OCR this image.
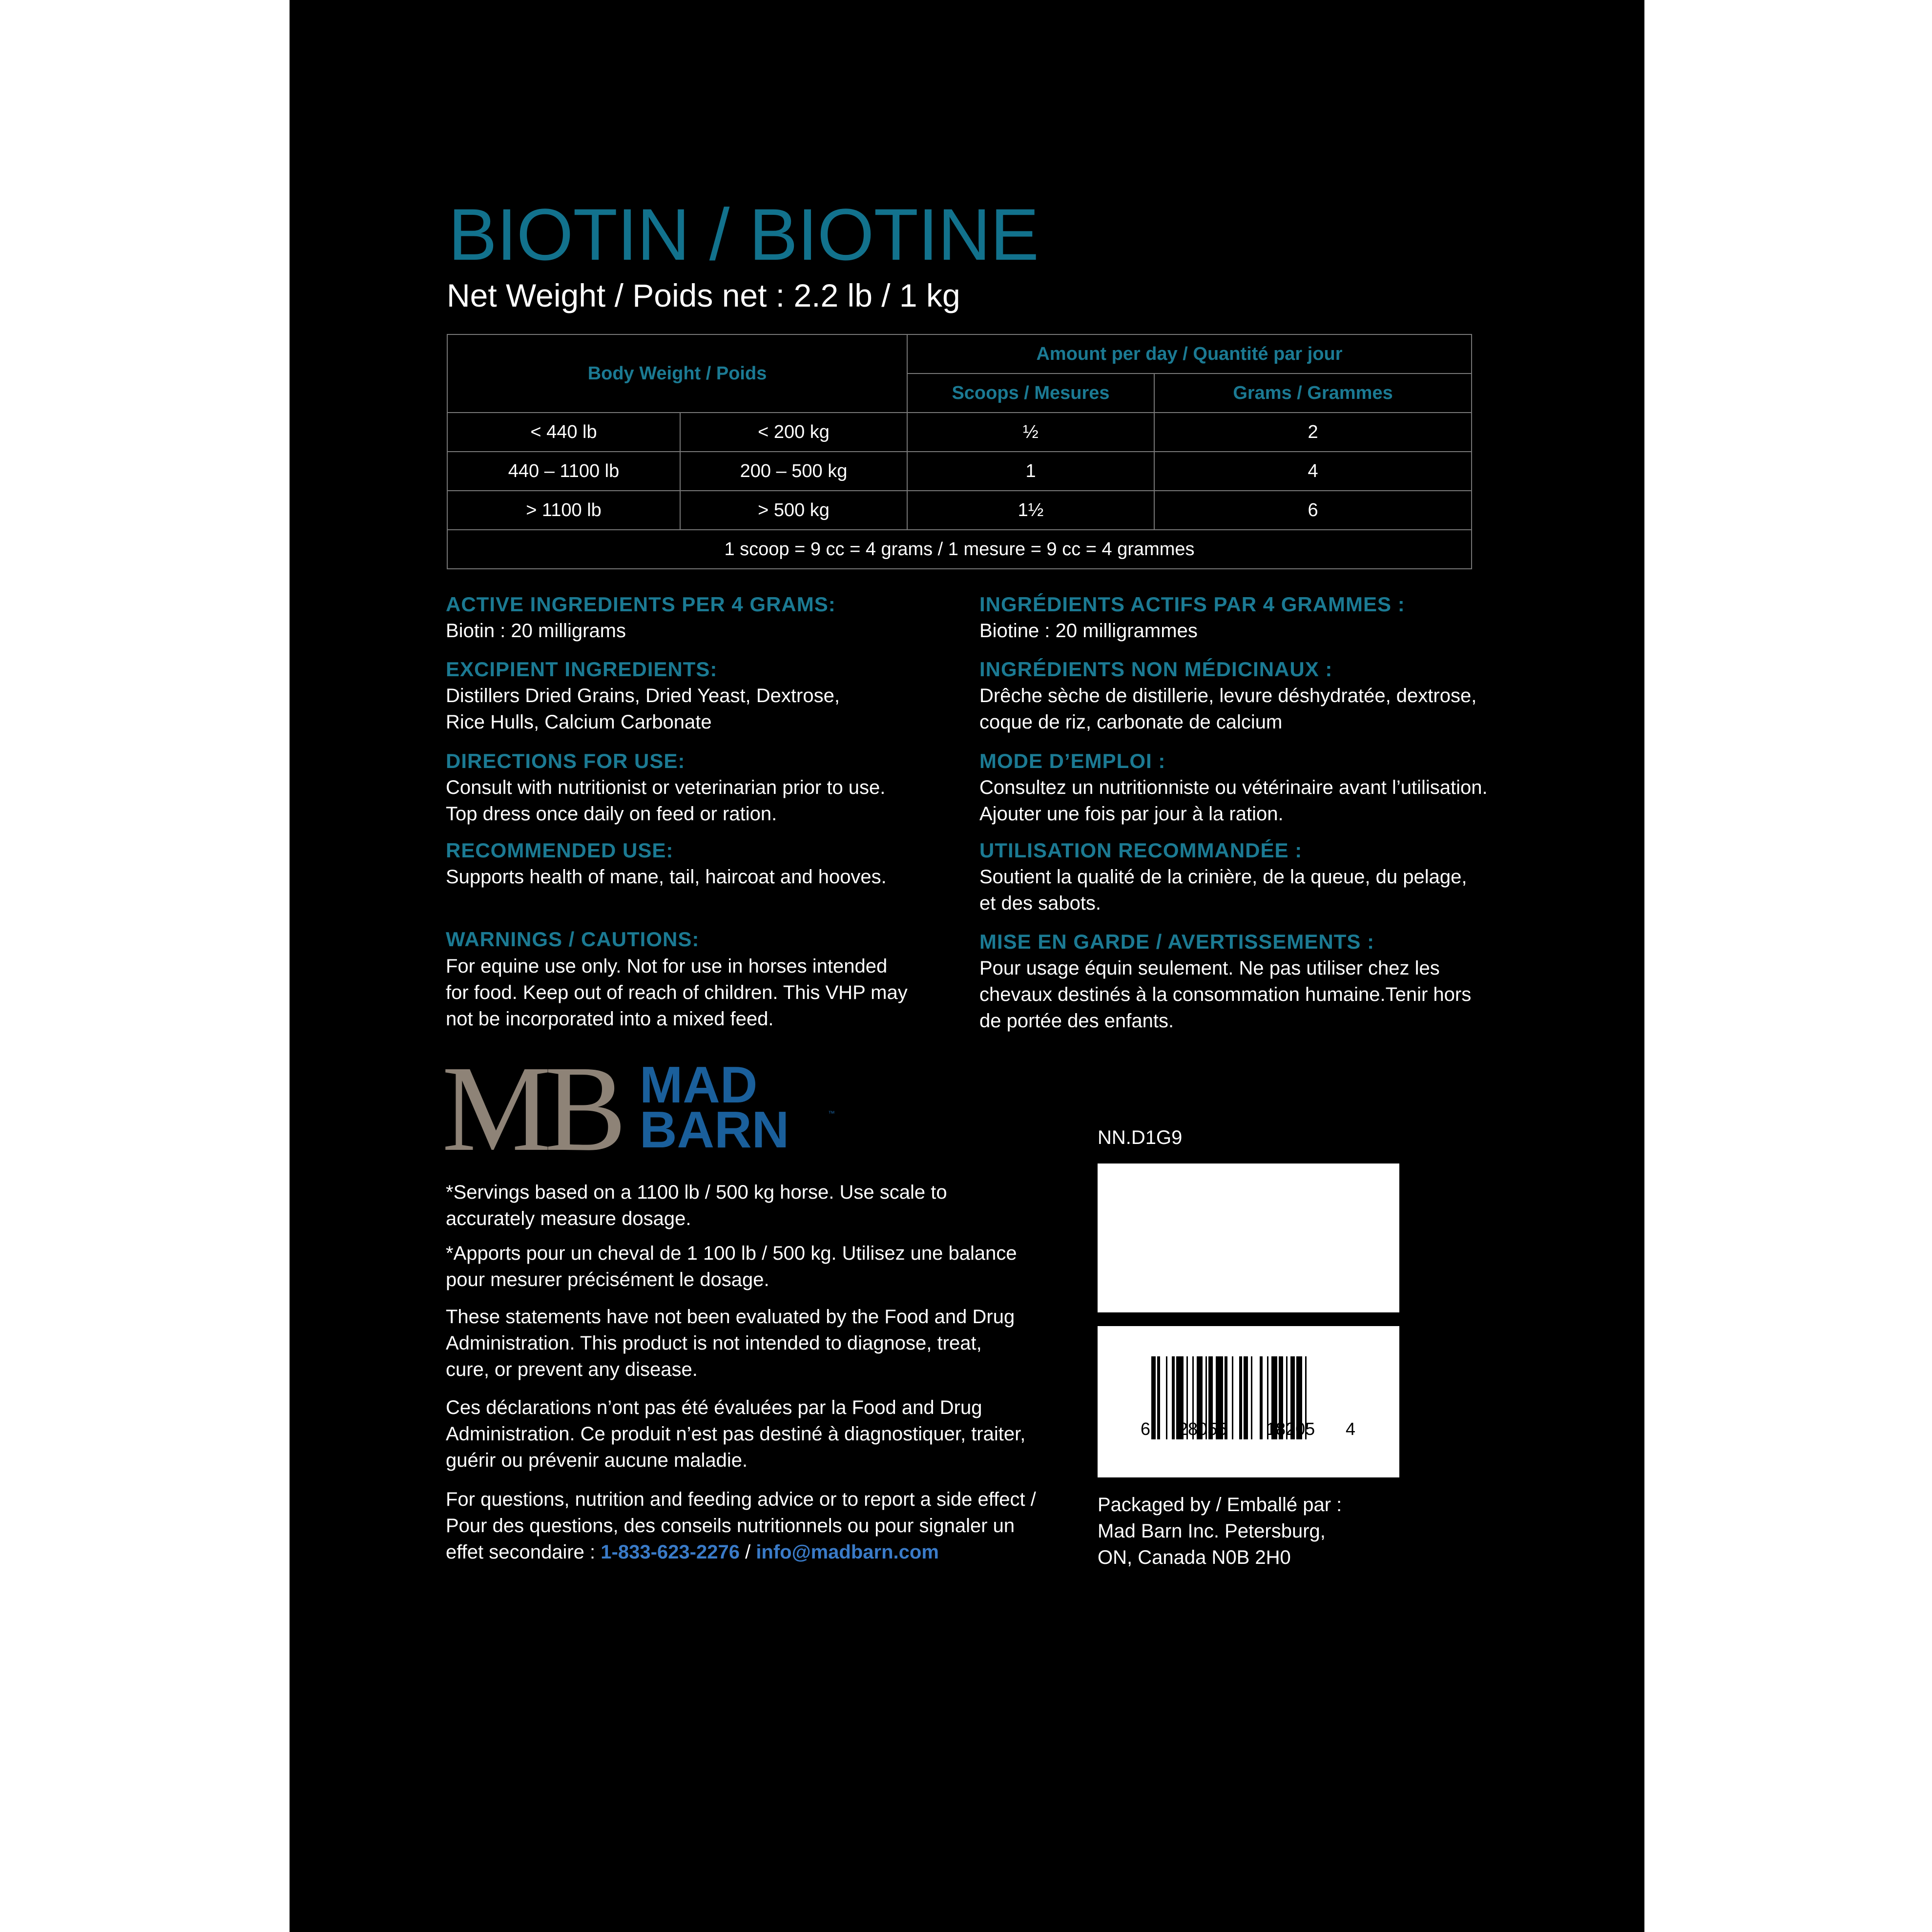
BIOTIN / BIOTINE
Net Weight / Poids net : 2.2 lb / 1 kg
Body Weight / Poids		Amount per day / Quantité par jour	
		Scoops / Mesures	Grams / Grammes
< 440 lb	< 200 kg	½	2
440 – 1100 lb	200 – 500 kg	1	4
> 1100 lb	> 500 kg	1½	6
1 scoop = 9 cc = 4 grams / 1 mesure = 9 cc = 4 grammes			
ACTIVE INGREDIENTS PER 4 GRAMS:
Biotin : 20 milligrams
EXCIPIENT INGREDIENTS:
Distillers Dried Grains, Dried Yeast, Dextrose,
Rice Hulls, Calcium Carbonate
DIRECTIONS FOR USE:
Consult with nutritionist or veterinarian prior to use.
Top dress once daily on feed or ration.
RECOMMENDED USE:
Supports health of mane, tail, haircoat and hooves.
WARNINGS / CAUTIONS:
For equine use only. Not for use in horses intended
for food. Keep out of reach of children. This VHP may
not be incorporated into a mixed feed.
INGRÉDIENTS ACTIFS PAR 4 GRAMMES :
Biotine : 20 milligrammes
INGRÉDIENTS NON MÉDICINAUX :
Drêche sèche de distillerie, levure déshydratée, dextrose,
coque de riz, carbonate de calcium
MODE D’EMPLOI :
Consultez un nutritionniste ou vétérinaire avant l’utilisation.
Ajouter une fois par jour à la ration.
UTILISATION RECOMMANDÉE :
Soutient la qualité de la crinière, de la queue, du pelage,
et des sabots.
MISE EN GARDE / AVERTISSEMENTS :
Pour usage équin seulement. Ne pas utiliser chez les
chevaux destinés à la consommation humaine.Tenir hors
de portée des enfants.
MB MAD
BARN	™
*Servings based on a 1100 lb / 500 kg horse. Use scale to
accurately measure dosage.
*Apports pour un cheval de 1 100 lb / 500 kg. Utilisez une balance
pour mesurer précisément le dosage.
These statements have not been evaluated by the Food and Drug
Administration. This product is not intended to diagnose, treat,
cure, or prevent any disease.
Ces déclarations n’ont pas été évaluées par la Food and Drug
Administration. Ce produit n’est pas destiné à diagnostiquer, traiter,
guérir ou prévenir aucune maladie.
For questions, nutrition and feeding advice or to report a side effect /
Pour des questions, des conseils nutritionnels ou pour signaler un
effet secondaire : 1-833-623-2276 / info@madbarn.com
NN.D1G9
6 28055 18205 4
Packaged by / Emballé par :
Mad Barn Inc. Petersburg,
ON, Canada N0B 2H0
